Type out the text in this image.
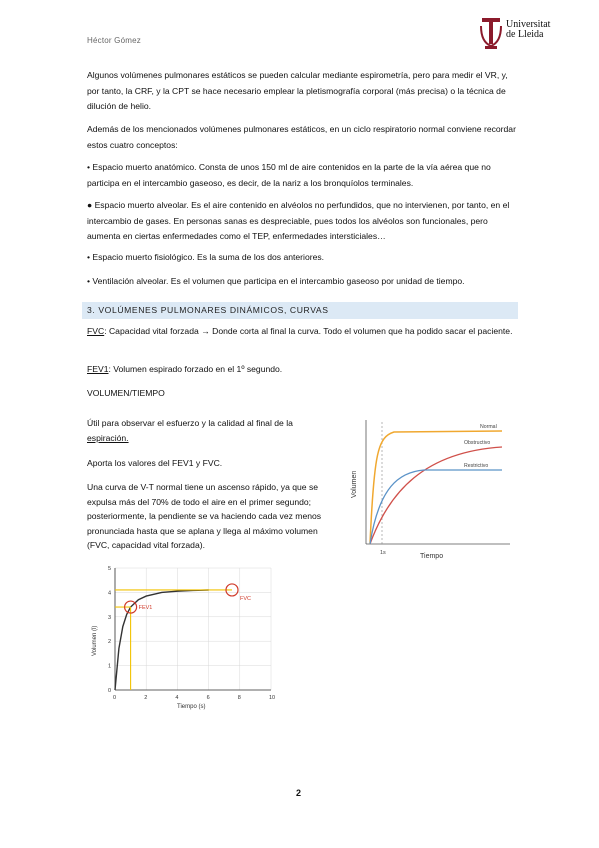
Héctor Gómez
Universitat
de Lleida
Algunos volúmenes pulmonares estáticos se pueden calcular mediante espirometría, pero para medir el VR, y, por tanto, la CRF, y la CPT se hace necesario emplear la pletismografía corporal (más precisa) o la técnica de dilución de helio.
Además de los mencionados volúmenes pulmonares estáticos, en un ciclo respiratorio normal conviene recordar estos cuatro conceptos:
• Espacio muerto anatómico. Consta de unos 150 ml de aire contenidos en la parte de la vía aérea que no participa en el intercambio gaseoso, es decir, de la nariz a los bronquíolos terminales.
● Espacio muerto alveolar. Es el aire contenido en alvéolos no perfundidos, que no intervienen, por tanto, en el intercambio de gases. En personas sanas es despreciable, pues todos los alvéolos son funcionales, pero aumenta en ciertas enfermedades como el TEP, enfermedades intersticiales…
• Espacio muerto fisiológico. Es la suma de los dos anteriores.
• Ventilación alveolar. Es el volumen que participa en el intercambio gaseoso por unidad de tiempo.
3. VOLÚMENES PULMONARES DINÁMICOS, CURVAS
FVC: Capacidad vital forzada → Donde corta al final la curva. Todo el volumen que ha podido sacar el paciente.
FEV1: Volumen espirado forzado en el 1º segundo.
VOLUMEN/TIEMPO
Útil para observar el esfuerzo y la calidad al final de la
espiración.
Aporta los valores del FEV1 y FVC.
Una curva de V-T normal tiene un ascenso rápido, ya que se expulsa más del 70% de todo el aire en el primer segundo; posteriormente, la pendiente se va haciendo cada vez menos pronunciada hasta que se aplana y llega al máximo volumen (FVC, capacidad vital forzada).
Normal
Obstructivo
Restrictivo
1s	Tiempo
Volumen
0
1
2
3
4
5
0	2	4	6	8	10
FEV1
FVC
Tiempo (s)
Volumen (l)
2
